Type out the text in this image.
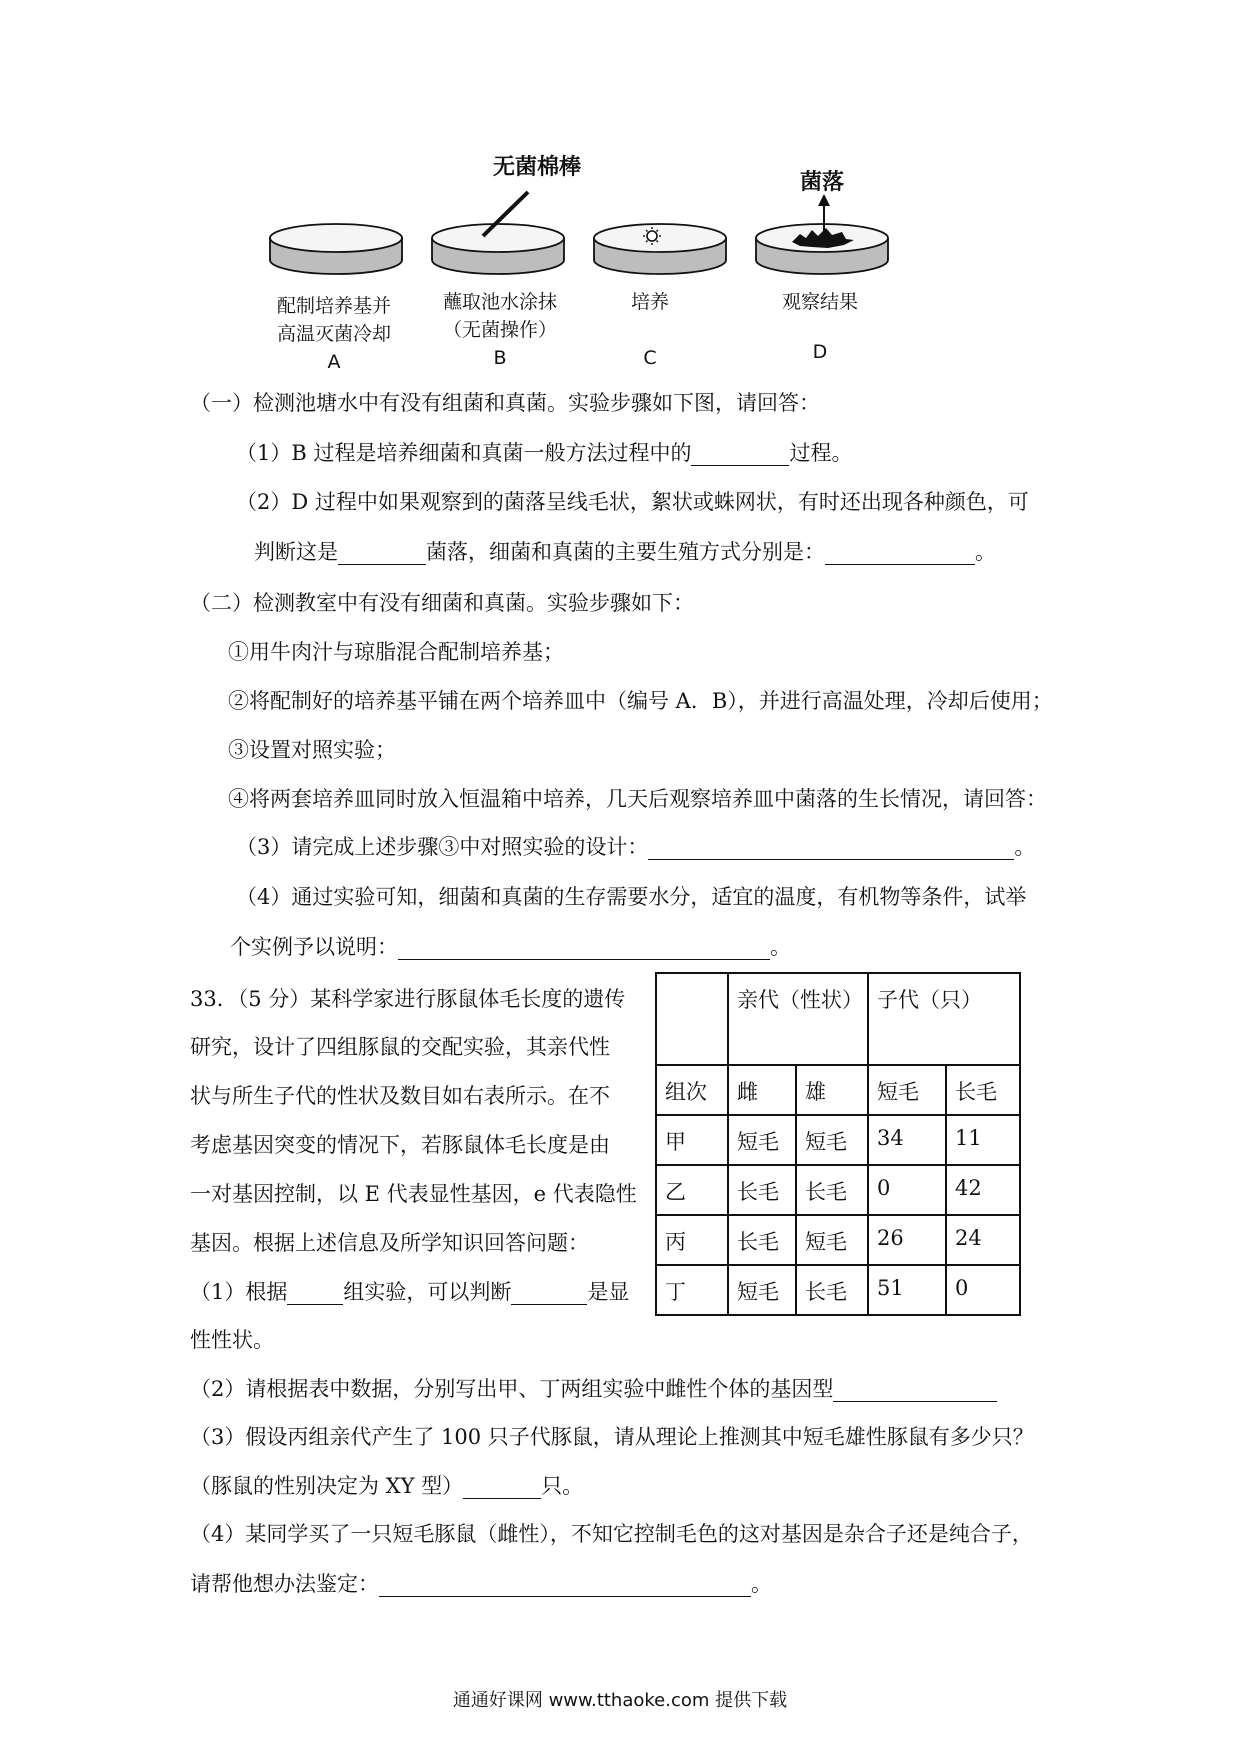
无菌棉棒
菌落
配制培养基并
高温灭菌冷却
A
蘸取池水涂抹
（无菌操作）
B
培养
C
观察结果
D
（一）检测池塘水中有没有组菌和真菌。实验步骤如下图，请回答：
（1）B 过程是培养细菌和真菌一般方法过程中的	过程。
（2）D 过程中如果观察到的菌落呈线毛状，絮状或蛛网状，有时还出现各种颜色，可
判断这是	菌落，细菌和真菌的主要生殖方式分别是：	。
（二）检测教室中有没有细菌和真菌。实验步骤如下：
①用牛肉汁与琼脂混合配制培养基；
②将配制好的培养基平铺在两个培养皿中（编号 A．B），并进行高温处理，冷却后使用；
③设置对照实验；
④将两套培养皿同时放入恒温箱中培养，几天后观察培养皿中菌落的生长情况，请回答：
（3）请完成上述步骤③中对照实验的设计：	。
（4）通过实验可知，细菌和真菌的生存需要水分，适宜的温度，有机物等条件，试举
个实例予以说明：	。
33．（5 分）某科学家进行豚鼠体毛长度的遗传
研究，设计了四组豚鼠的交配实验，其亲代性
状与所生子代的性状及数目如右表所示。在不
考虑基因突变的情况下，若豚鼠体毛长度是由
一对基因控制，以 E 代表显性基因，e 代表隐性
基因。根据上述信息及所学知识回答问题：
（1）根据	组实验，可以判断	是显
性性状。
（2）请根据表中数据，分别写出甲、丁两组实验中雌性个体的基因型
（3）假设丙组亲代产生了 100 只子代豚鼠，请从理论上推测其中短毛雄性豚鼠有多少只？
（豚鼠的性别决定为 XY 型）	只。
（4）某同学买了一只短毛豚鼠（雌性），不知它控制毛色的这对基因是杂合子还是纯合子，
请帮他想办法鉴定：	。
	亲代（性状）		子代（只）	
组次	雌	雄	短毛	长毛
甲	短毛	短毛	34	11
乙	长毛	长毛	0	42
丙	长毛	短毛	26	24
丁	短毛	长毛	51	0
通通好课网 www.tthaoke.com 提供下载
